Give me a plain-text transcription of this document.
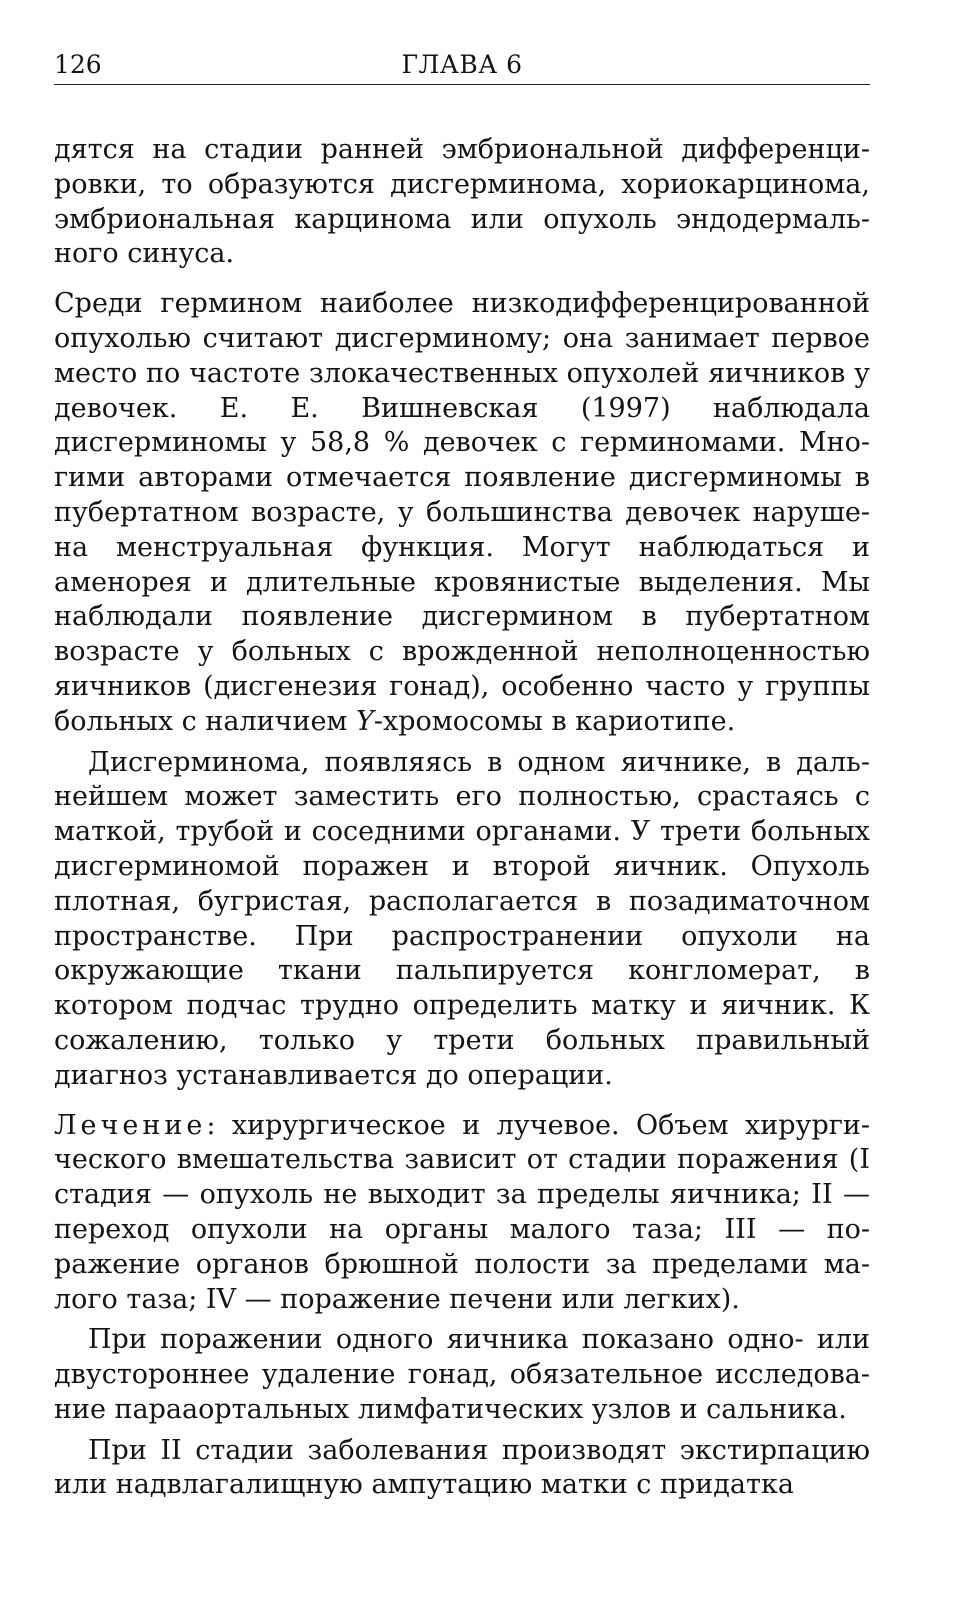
126	ГЛАВА 6

дятся на стадии ранней эмбриональной дифференцировки, то образуются дисгерминома, хориокарцинома, эмбриональная карцинома или опухоль эндодермального синуса.

Среди гермином наиболее низкодифференцированной опухолью считают дисгерминому; она занимает первое место по частоте злокачественных опухолей яичников у девочек. Е. Е. Вишневская (1997) наблюдала дисгерминомы у 58,8 % девочек с герминомами. Многими авторами отмечается появление дисгерминомы в пубертатном возрасте, у большинства девочек нарушена менструальная функция. Могут наблюдаться и аменорея и длительные кровянистые выделения. Мы наблюдали появление дисгермином в пубертатном возрасте у больных с врожденной неполноценностью яичников (дисгенезия гонад), особенно часто у группы больных с наличием Y-хромосомы в кариотипе.

Дисгерминома, появляясь в одном яичнике, в дальнейшем может заместить его полностью, срастаясь с маткой, трубой и соседними органами. У трети больных дисгерминомой поражен и второй яичник. Опухоль плотная, бугристая, располагается в позадиматочном пространстве. При распространении опухоли на окружающие ткани пальпируется конгломерат, в котором подчас трудно определить матку и яичник. К сожалению, только у трети больных правильный диагноз устанавливается до операции.

Лечение: хирургическое и лучевое. Объем хирургического вмешательства зависит от стадии поражения (I стадия — опухоль не выходит за пределы яичника; II — переход опухоли на органы малого таза; III — поражение органов брюшной полости за пределами малого таза; IV — поражение печени или легких).

При поражении одного яичника показано одно- или двустороннее удаление гонад, обязательное исследование парааортальных лимфатических узлов и сальника.

При II стадии заболевания производят экстирпацию или надвлагалищную ампутацию матки с придатка
